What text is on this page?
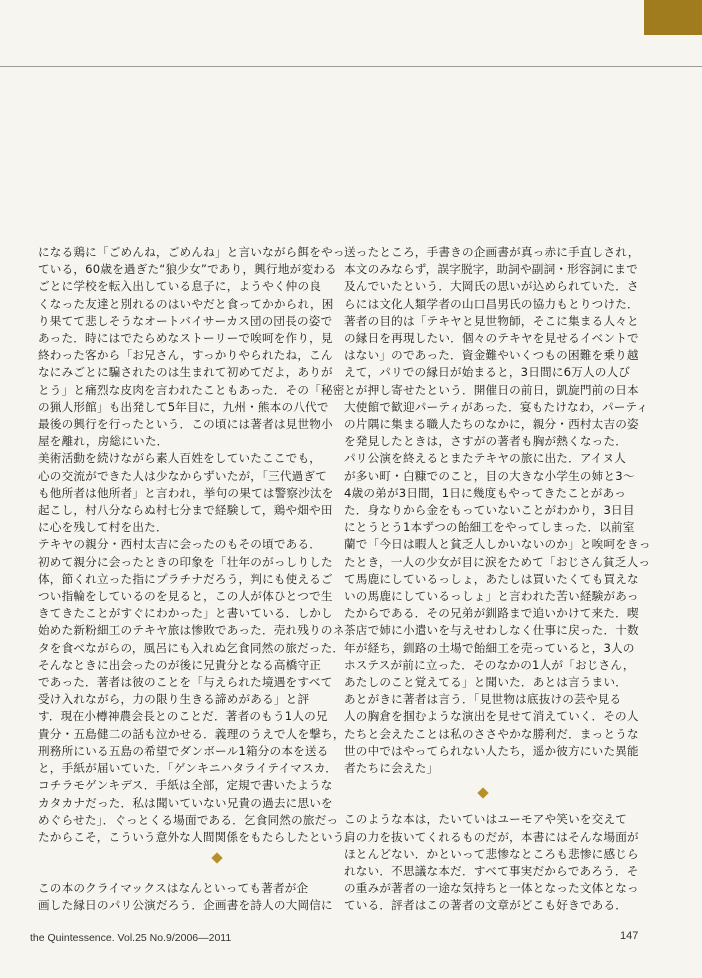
になる鶏に「ごめんね，ごめんね」と言いながら餌をやっ
ている，60歳を過ぎた“狼少女”であり，興行地が変わる
ごとに学校を転入出している息子に，ようやく仲の良
くなった友達と別れるのはいやだと食ってかかられ，困
り果てて悲しそうなオートバイサーカス団の団長の姿で
あった．時にはでたらめなストーリーで唉呵を作り，見
終わった客から「お兄さん，すっかりやられたね，こん
なにみごとに騙されたのは生まれて初めてだよ，ありが
とう」と痛烈な皮肉を言われたこともあった．その「秘密
の猟人形館」も出発して5年目に，九州・熊本の八代で
最後の興行を行ったという．この頃には著者は見世物小
屋を離れ，房総にいた．

美術活動を続けながら素人百姓をしていたここでも，
心の交流ができた人は少なからずいたが，「三代過ぎて
も他所者は他所者」と言われ，挙句の果ては警察沙汰を
起こし，村八分ならぬ村七分まで経験して，鶏や畑や田
に心を残して村を出た．

テキヤの親分・西村太吉に会ったのもその頃である．
初めて親分に会ったときの印象を「壮年のがっしりした
体，節くれ立った指にプラチナだろう，判にも使えるご
つい指輪をしているのを見ると，この人が体ひとつで生
きてきたことがすぐにわかった」と書いている．しかし
始めた新粉細工のテキヤ旅は惨敗であった．売れ残りのネ
タを食べながらの，風呂にも入れぬ乞食同然の旅だった．
そんなときに出会ったのが後に兄貴分となる高橋守正
であった．著者は彼のことを「与えられた境遇をすべて
受け入れながら，力の限り生きる諦めがある」と評
す．現在小樽神農会長とのことだ．著者のもう1人の兄
貴分・五島健二の話も泣かせる．義理のうえで人を撃ち，
刑務所にいる五島の希望でダンボール1箱分の本を送る
と，手紙が届いていた．「ゲンキニハタライテイマスカ．
コチラモゲンキデス．手紙は全部，定規で書いたような
カタカナだった．私は聞いていない兄貴の過去に思いを
めぐらせた」．ぐっとくる場面である．乞食同然の旅だっ
たからこそ，こういう意外な人間関係をもたらしたという．

この本のクライマックスはなんといっても著者が企
画した縁日のパリ公演だろう．企画書を詩人の大岡信に

送ったところ，手書きの企画書が真っ赤に手直しされ，
本文のみならず，誤字脱字，助詞や副詞・形容詞にまで
及んでいたという．大岡氏の思いが込められていた．さ
らには文化人類学者の山口昌男氏の協力もとりつけた．
著者の目的は「テキヤと見世物師，そこに集まる人々と
の縁日を再現したい．個々のテキヤを見せるイベントで
はない」のであった．資金難やいくつもの困難を乗り越
えて，パリでの縁日が始まると，3日間に6万人の人び
とが押し寄せたという．開催日の前日，凱旋門前の日本
大使館で歓迎パーティがあった．宴もたけなわ，パーティ
の片隅に集まる職人たちのなかに，親分・西村太吉の姿
を発見したときは，さすがの著者も胸が熱くなった．

パリ公演を終えるとまたテキヤの旅に出た．アイヌ人
が多い町・白糠でのこと，目の大きな小学生の姉と3～
4歳の弟が3日間，1日に幾度もやってきたことがあっ
た．身なりから金をもっていないことがわかり，3日目
にとうとう1本ずつの飴細工をやってしまった．以前室
蘭で「今日は暇人と貧乏人しかいないのか」と唉呵をきっ
たとき，一人の少女が目に涙をためて「おじさん貧乏人っ
て馬鹿にしているっしょ，あたしは買いたくても買えな
いの馬鹿にしているっしょ」と言われた苦い経験があっ
たからである．その兄弟が釧路まで追いかけて来た．喫
茶店で姉に小遣いを与えせわしなく仕事に戻った．十数
年が経ち，釧路の土場で飴細工を売っていると，3人の
ホステスが前に立った．そのなかの1人が「おじさん，
あたしのこと覚えてる」と聞いた．あとは言うまい．

あとがきに著者は言う．「見世物は底抜けの芸や見る
人の胸倉を掴むような演出を見せて消えていく．その人
たちと会えたことは私のささやかな勝利だ．まっとうな
世の中ではやってられない人たち，遥か彼方にいた異能
者たちに会えた」

このような本は，たいていはユーモアや笑いを交えて
肩の力を抜いてくれるものだが，本書にはそんな場面が
ほとんどない．かといって悲惨なところも悲惨に感じら
れない．不思議な本だ．すべて事実だからであろう．そ
の重みが著者の一途な気持ちと一体となった文体となっ
ている．評者はこの著者の文章がどこも好きである．

the Quintessence. Vol.25 No.9/2006—2011	147
